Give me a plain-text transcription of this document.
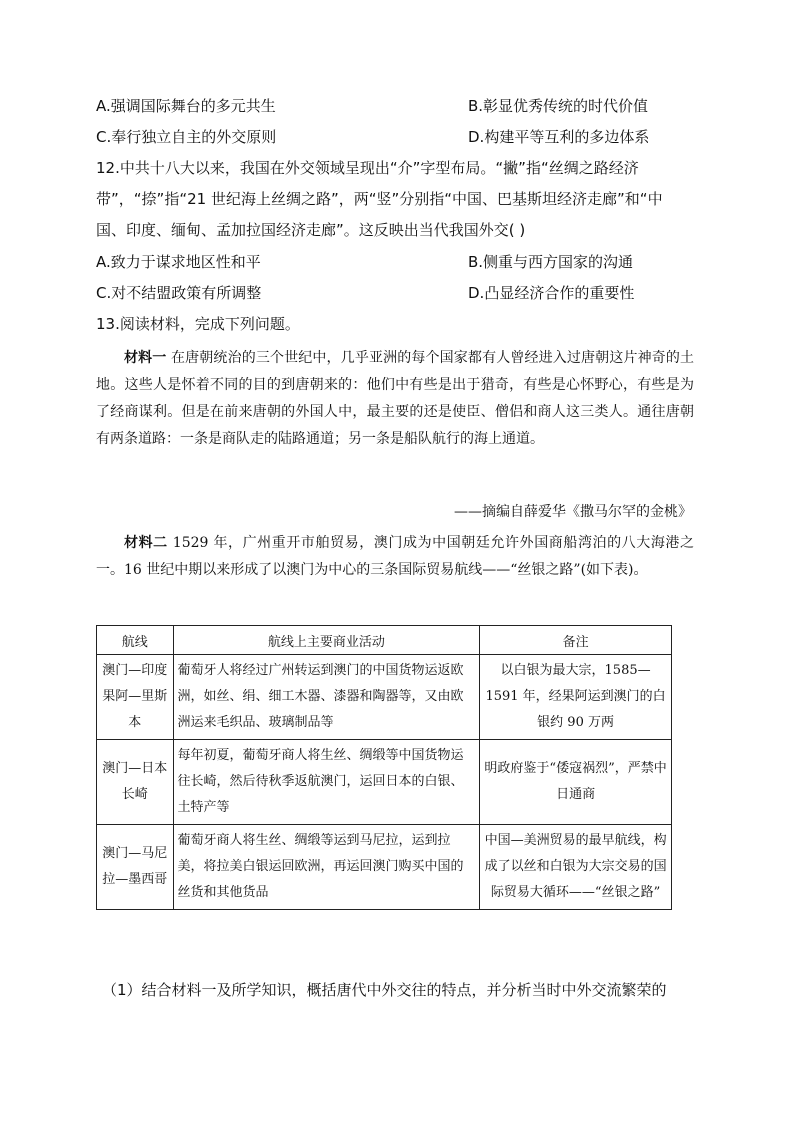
A.强调国际舞台的多元共生	B.彰显优秀传统的时代价值
C.奉行独立自主的外交原则	D.构建平等互利的多边体系
12.中共十八大以来，我国在外交领域呈现出“介”字型布局。“撇”指“丝绸之路经济
带”，“捺”指“21 世纪海上丝绸之路”，两“竖”分别指“中国、巴基斯坦经济走廊”和“中
国、印度、缅甸、孟加拉国经济走廊”。这反映出当代我国外交( )
A.致力于谋求地区性和平	B.侧重与西方国家的沟通
C.对不结盟政策有所调整	D.凸显经济合作的重要性
13.阅读材料，完成下列问题。

材料一 在唐朝统治的三个世纪中，几乎亚洲的每个国家都有人曾经进入过唐朝这片神奇的土地。这些人是怀着不同的目的到唐朝来的：他们中有些是出于猎奇，有些是心怀野心，有些是为了经商谋利。但是在前来唐朝的外国人中，最主要的还是使臣、僧侣和商人这三类人。通往唐朝有两条道路：一条是商队走的陆路通道；另一条是船队航行的海上通道。

——摘编自薛爱华《撒马尔罕的金桃》

材料二 1529 年，广州重开市舶贸易，澳门成为中国朝廷允许外国商船湾泊的八大海港之一。16 世纪中期以来形成了以澳门为中心的三条国际贸易航线——“丝银之路”(如下表)。

航线	航线上主要商业活动	备注
澳门—印度果阿—里斯本	葡萄牙人将经过广州转运到澳门的中国货物运返欧洲，如丝、绢、细工木器、漆器和陶器等，又由欧洲运来毛织品、玻璃制品等	以白银为最大宗，1585—1591 年，经果阿运到澳门的白银约 90 万两
澳门—日本长崎	每年初夏，葡萄牙商人将生丝、绸缎等中国货物运往长崎，然后待秋季返航澳门，运回日本的白银、土特产等	明政府鉴于“倭寇祸烈”，严禁中日通商
澳门—马尼拉—墨西哥	葡萄牙商人将生丝、绸缎等运到马尼拉，运到拉美，将拉美白银运回欧洲，再运回澳门购买中国的丝货和其他货品	中国—美洲贸易的最早航线，构成了以丝和白银为大宗交易的国际贸易大循环——“丝银之路”
（1）结合材料一及所学知识，概括唐代中外交往的特点，并分析当时中外交流繁荣的
